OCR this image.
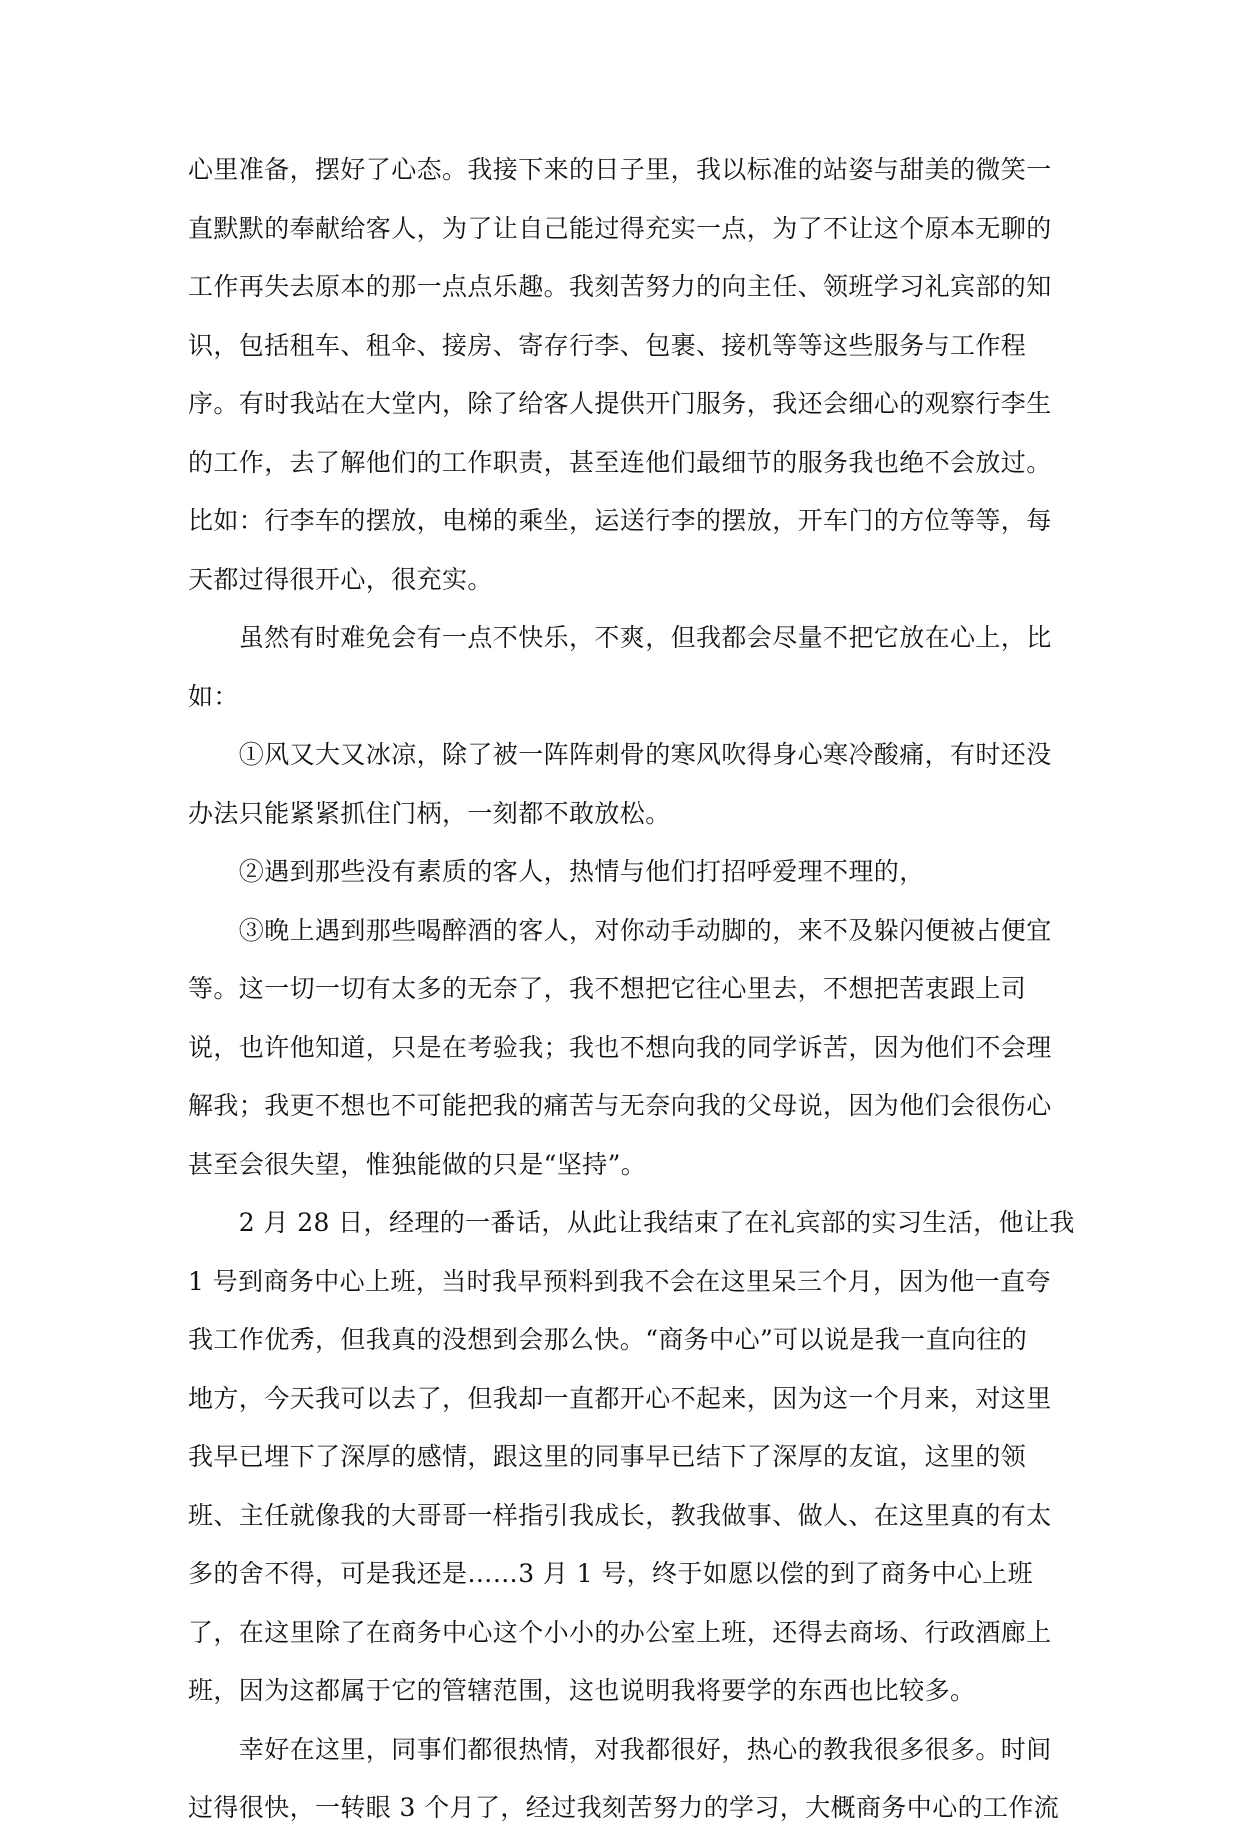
心里准备，摆好了心态。我接下来的日子里，我以标准的站姿与甜美的微笑一
直默默的奉献给客人，为了让自己能过得充实一点，为了不让这个原本无聊的
工作再失去原本的那一点点乐趣。我刻苦努力的向主任、领班学习礼宾部的知
识，包括租车、租伞、接房、寄存行李、包裹、接机等等这些服务与工作程
序。有时我站在大堂内，除了给客人提供开门服务，我还会细心的观察行李生
的工作，去了解他们的工作职责，甚至连他们最细节的服务我也绝不会放过。
比如：行李车的摆放，电梯的乘坐，运送行李的摆放，开车门的方位等等，每
天都过得很开心，很充实。
　　虽然有时难免会有一点不快乐，不爽，但我都会尽量不把它放在心上，比
如：
　　①风又大又冰凉，除了被一阵阵刺骨的寒风吹得身心寒冷酸痛，有时还没
办法只能紧紧抓住门柄，一刻都不敢放松。
　　②遇到那些没有素质的客人，热情与他们打招呼爱理不理的，
　　③晚上遇到那些喝醉酒的客人，对你动手动脚的，来不及躲闪便被占便宜
等。这一切一切有太多的无奈了，我不想把它往心里去，不想把苦衷跟上司
说，也许他知道，只是在考验我；我也不想向我的同学诉苦，因为他们不会理
解我；我更不想也不可能把我的痛苦与无奈向我的父母说，因为他们会很伤心
甚至会很失望，惟独能做的只是“坚持”。
　　2 月 28 日，经理的一番话，从此让我结束了在礼宾部的实习生活，他让我
1 号到商务中心上班，当时我早预料到我不会在这里呆三个月，因为他一直夸
我工作优秀，但我真的没想到会那么快。“商务中心”可以说是我一直向往的
地方，今天我可以去了，但我却一直都开心不起来，因为这一个月来，对这里
我早已埋下了深厚的感情，跟这里的同事早已结下了深厚的友谊，这里的领
班、主任就像我的大哥哥一样指引我成长，教我做事、做人、在这里真的有太
多的舍不得，可是我还是……3 月 1 号，终于如愿以偿的到了商务中心上班
了，在这里除了在商务中心这个小小的办公室上班，还得去商场、行政酒廊上
班，因为这都属于它的管辖范围，这也说明我将要学的东西也比较多。
　　幸好在这里，同事们都很热情，对我都很好，热心的教我很多很多。时间
过得很快，一转眼 3 个月了，经过我刻苦努力的学习，大概商务中心的工作流
